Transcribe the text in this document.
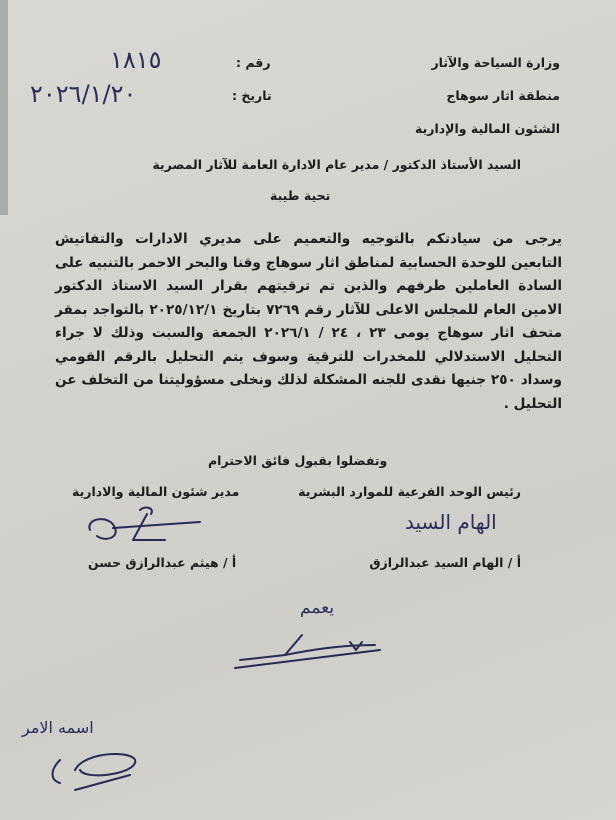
وزارة السياحة والآثار
منطقة اثار سوهاج
الشئون المالية والإدارية
رقم :
١٨١٥
تاريخ :
٢٠٢٦/١/٢٠
السيد الأستاذ الدكتور / مدير عام الادارة العامة للآثار المصرية
تحية طيبة

يرجى من سيادتكم بالتوجيه والتعميم على مديري الادارات والتفاتيش التابعين للوحدة الحسابية لمناطق اثار سوهاج وقنا والبحر الاحمر بالتنبيه على السادة العاملين طرفهم والذين تم ترقيتهم بقرار السيد الاستاذ الدكتور الامين العام للمجلس الاعلى للآثار رقم ٧٢٦٩ بتاريخ ٢٠٢٥/١٢/١ بالتواجد بمقر متحف اثار سوهاج يومى ٢٣ ، ٢٤ / ٢٠٢٦/١ الجمعة والسبت وذلك لا جراء التحليل الاستدلالي للمخدرات للترقية وسوف يتم التحليل بالرقم القومي وسداد ٢٥٠ جنيها نقدى للجنه المشكلة لذلك ونخلى مسؤوليتنا من التخلف عن التحليل .

وتفضلوا بقبول فائق الاحترام
رئيس الوحد الفرعية للموارد البشرية
الهام السيد
أ / الهام السيد عبدالرازق
مدير شئون المالية والادارية
أ / هيثم عبدالرازق حسن
يعمم
اسمه الامر
